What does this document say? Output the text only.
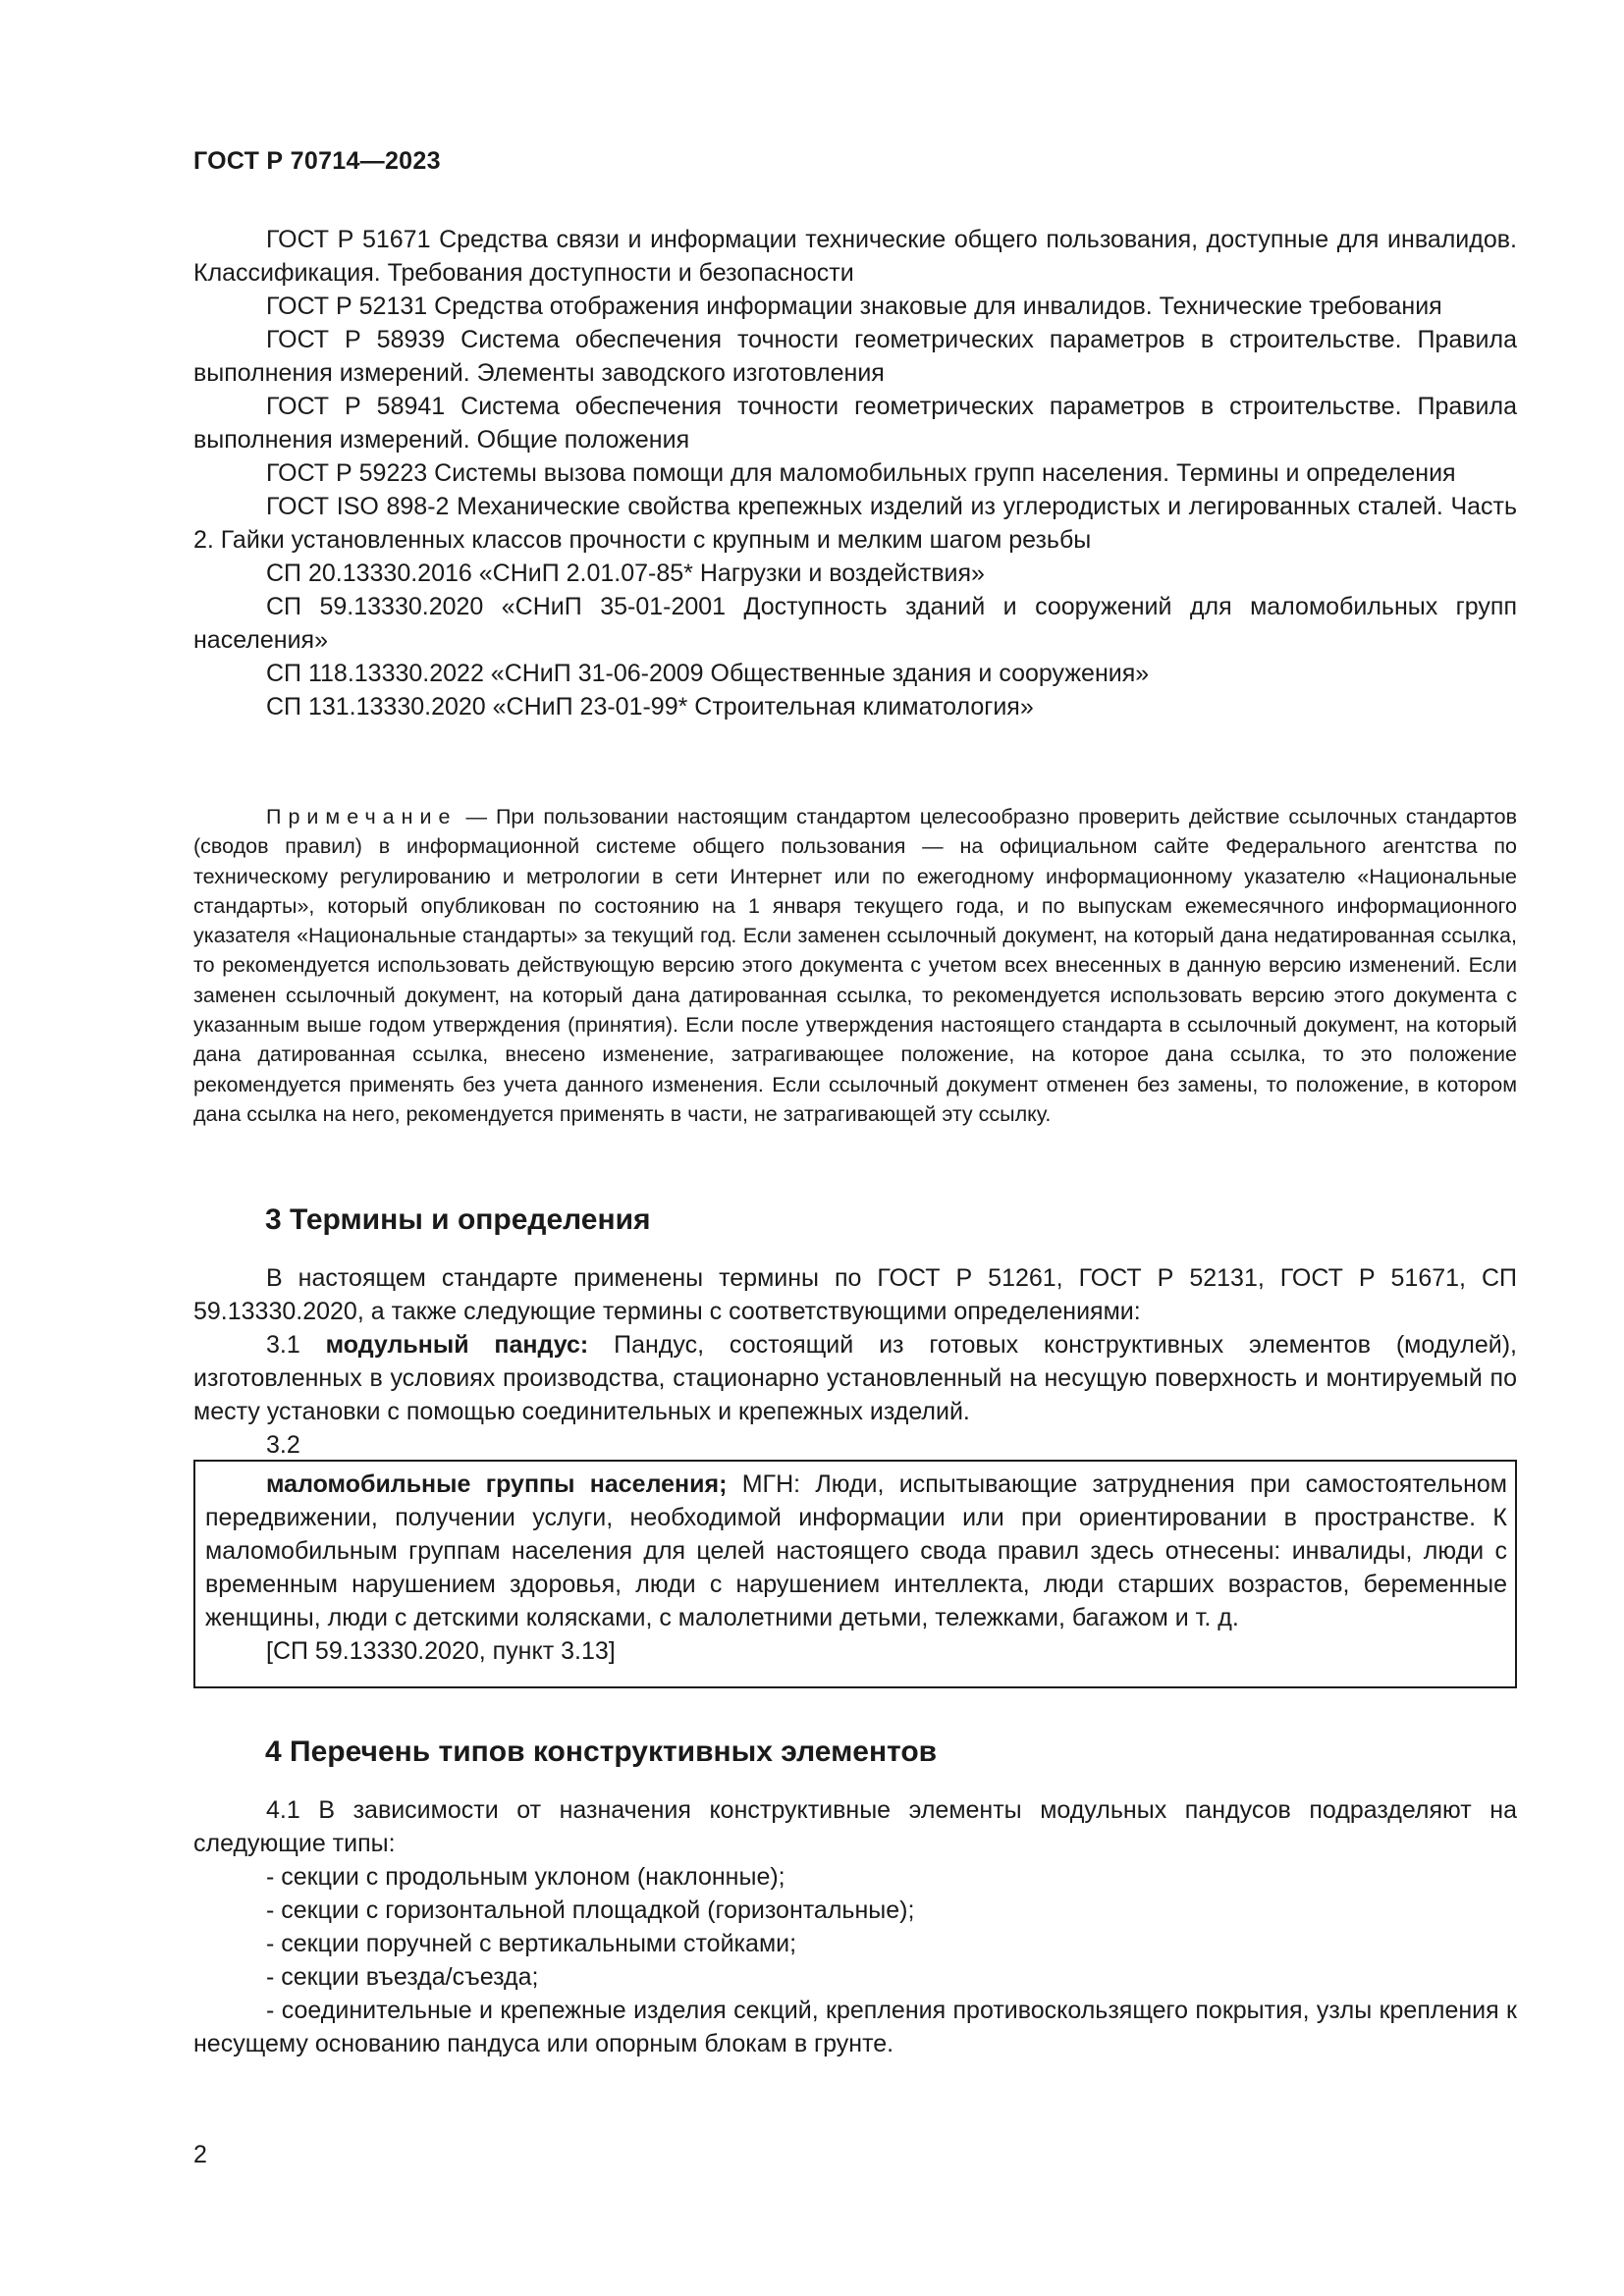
ГОСТ Р 70714—2023

ГОСТ Р 51671 Средства связи и информации технические общего пользования, доступные для инвалидов. Классификация. Требования доступности и безопасности

ГОСТ Р 52131 Средства отображения информации знаковые для инвалидов. Технические требования

ГОСТ Р 58939 Система обеспечения точности геометрических параметров в строительстве. Правила выполнения измерений. Элементы заводского изготовления

ГОСТ Р 58941 Система обеспечения точности геометрических параметров в строительстве. Правила выполнения измерений. Общие положения

ГОСТ Р 59223 Системы вызова помощи для маломобильных групп населения. Термины и определения

ГОСТ ISO 898-2 Механические свойства крепежных изделий из углеродистых и легированных сталей. Часть 2. Гайки установленных классов прочности с крупным и мелким шагом резьбы

СП 20.13330.2016 «СНиП 2.01.07-85* Нагрузки и воздействия»

СП 59.13330.2020 «СНиП 35-01-2001 Доступность зданий и сооружений для маломобильных групп населения»

СП 118.13330.2022 «СНиП 31-06-2009 Общественные здания и сооружения»

СП 131.13330.2020 «СНиП 23-01-99* Строительная климатология»

Примечание — При пользовании настоящим стандартом целесообразно проверить действие ссылочных стандартов (сводов правил) в информационной системе общего пользования — на официальном сайте Федерального агентства по техническому регулированию и метрологии в сети Интернет или по ежегодному информационному указателю «Национальные стандарты», который опубликован по состоянию на 1 января текущего года, и по выпускам ежемесячного информационного указателя «Национальные стандарты» за текущий год. Если заменен ссылочный документ, на который дана недатированная ссылка, то рекомендуется использовать действующую версию этого документа с учетом всех внесенных в данную версию изменений. Если заменен ссылочный документ, на который дана датированная ссылка, то рекомендуется использовать версию этого документа с указанным выше годом утверждения (принятия). Если после утверждения настоящего стандарта в ссылочный документ, на который дана датированная ссылка, внесено изменение, затрагивающее положение, на которое дана ссылка, то это положение рекомендуется применять без учета данного изменения. Если ссылочный документ отменен без замены, то положение, в котором дана ссылка на него, рекомендуется применять в части, не затрагивающей эту ссылку.

3 Термины и определения

В настоящем стандарте применены термины по ГОСТ Р 51261, ГОСТ Р 52131, ГОСТ Р 51671, СП 59.13330.2020, а также следующие термины с соответствующими определениями:

3.1 модульный пандус: Пандус, состоящий из готовых конструктивных элементов (модулей), изготовленных в условиях производства, стационарно установленный на несущую поверхность и монтируемый по месту установки с помощью соединительных и крепежных изделий.

3.2

маломобильные группы населения; МГН: Люди, испытывающие затруднения при самостоятельном передвижении, получении услуги, необходимой информации или при ориентировании в пространстве. К маломобильным группам населения для целей настоящего свода правил здесь отнесены: инвалиды, люди с временным нарушением здоровья, люди с нарушением интеллекта, люди старших возрастов, беременные женщины, люди с детскими колясками, с малолетними детьми, тележками, багажом и т. д.

[СП 59.13330.2020, пункт 3.13]

4 Перечень типов конструктивных элементов

4.1 В зависимости от назначения конструктивные элементы модульных пандусов подразделяют на следующие типы:

- секции с продольным уклоном (наклонные);

- секции с горизонтальной площадкой (горизонтальные);

- секции поручней с вертикальными стойками;

- секции въезда/съезда;

- соединительные и крепежные изделия секций, крепления противоскользящего покрытия, узлы крепления к несущему основанию пандуса или опорным блокам в грунте.

2
